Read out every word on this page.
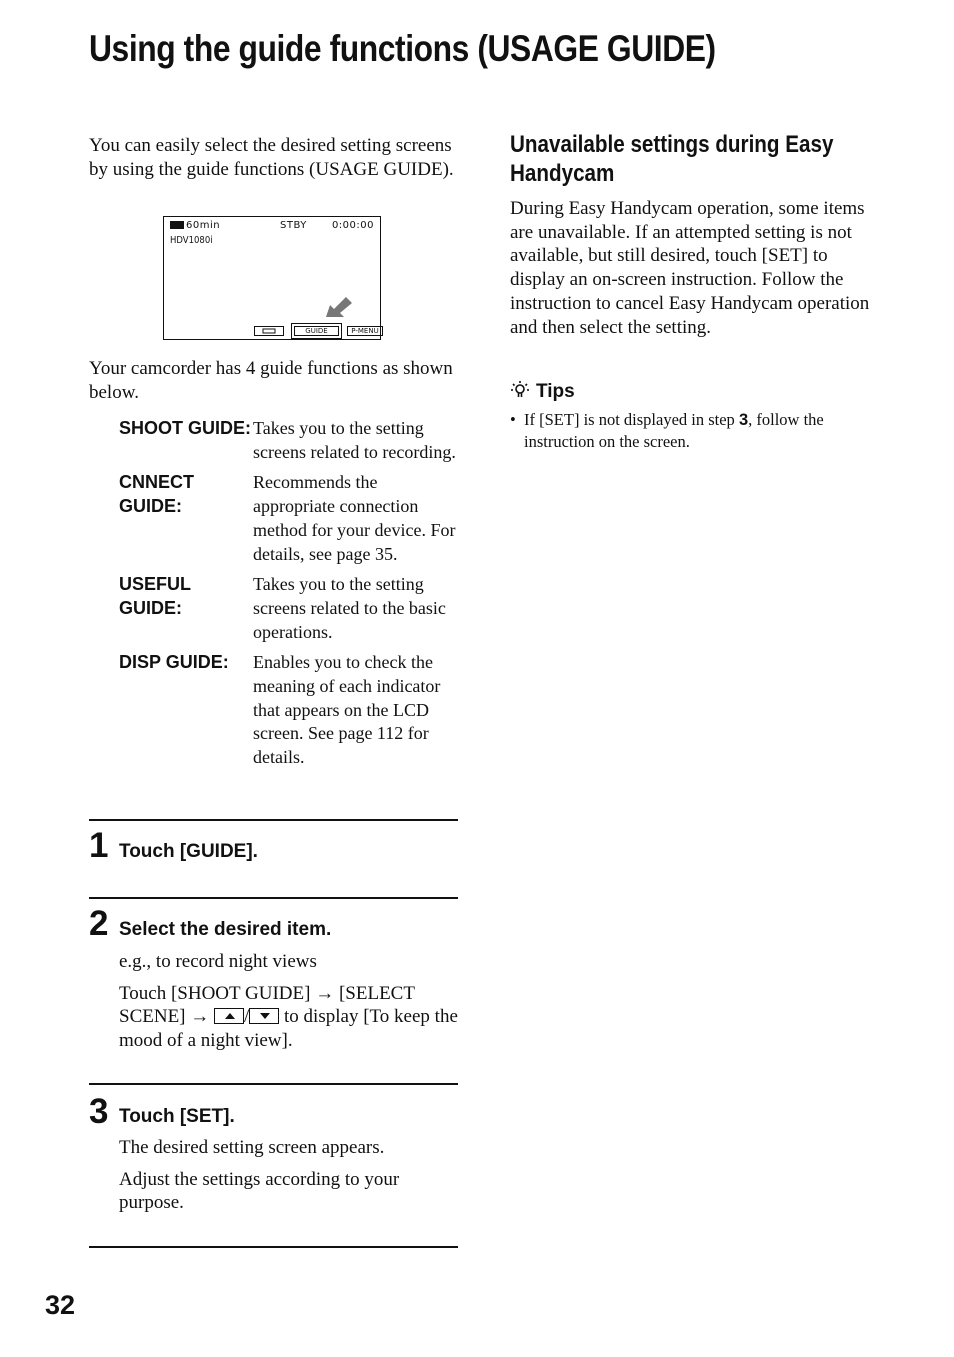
Using the guide functions (USAGE GUIDE)

You can easily select the desired setting screens by using the guide functions (USAGE GUIDE).

60min	STBY	0:00:00
HDV1080i
GUIDE	P-MENU

Your camcorder has 4 guide functions as shown below.

SHOOT GUIDE: Takes you to the setting screens related to recording.
CNNECT GUIDE:
Recommends the appropriate connection method for your device. For details, see page 35.
USEFUL GUIDE:
Takes you to the setting screens related to the basic operations.
DISP GUIDE:	Enables you to check the meaning of each indicator that appears on the LCD screen. See page 112 for details.
1 Touch [GUIDE].
2 Select the desired item.

e.g., to record night views

Touch [SHOOT GUIDE] → [SELECT SCENE] → /
to display [To keep the mood of a night view].

3 Touch [SET].

The desired setting screen appears.

Adjust the settings according to your purpose.

Unavailable settings during Easy Handycam

During Easy Handycam operation, some items are unavailable. If an attempted setting is not available, but still desired, touch [SET] to display an on-screen instruction. Follow the instruction to cancel Easy Handycam operation and then select the setting.

Tips
• If [SET] is not displayed in step 3, follow the instruction on the screen.
32
